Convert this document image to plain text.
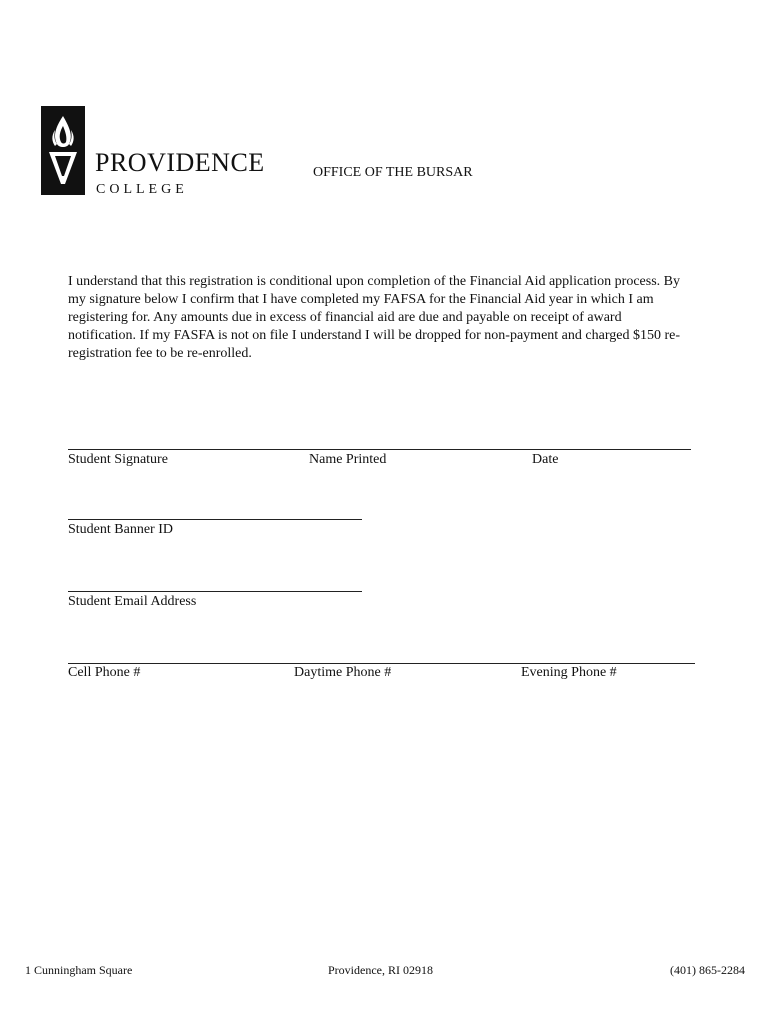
PROVIDENCE
COLLEGE
OFFICE OF THE BURSAR
I understand that this registration is conditional upon completion of the Financial Aid application process. By my signature below I confirm that I have completed my FAFSA for the Financial Aid year in which I am registering for. Any amounts due in excess of financial aid are due and payable on receipt of award notification. If my FASFA is not on file I understand I will be dropped for non-payment and charged $150 re-registration fee to be re-enrolled.
Student Signature	Name Printed	Date
Student Banner ID
Student Email Address
Cell Phone #	Daytime Phone #	Evening Phone #
1 Cunningham Square	Providence, RI 02918	(401) 865-2284
